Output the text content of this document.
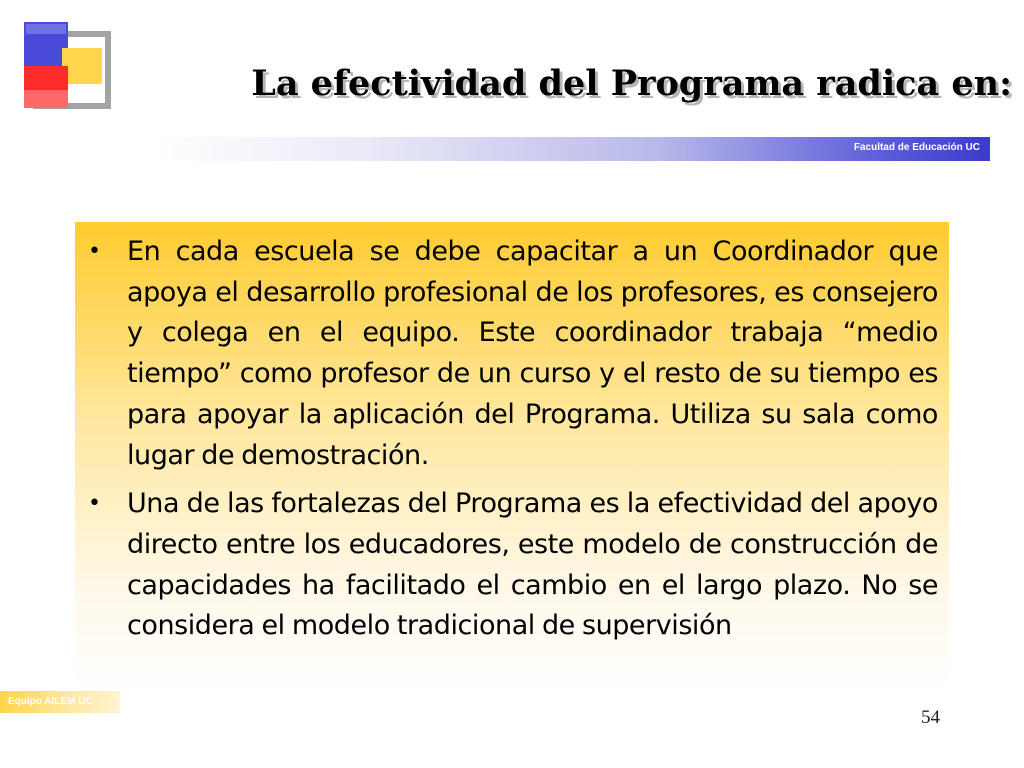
La efectividad del Programa radica en:
Facultad de Educación UC
• En cada escuela se debe capacitar a un Coordinador que apoya el desarrollo profesional de los profesores, es consejero y colega en el equipo. Este coordinador trabaja “medio tiempo” como profesor de un curso y el resto de su tiempo es para apoyar la aplicación del Programa. Utiliza su sala como lugar de demostración.
• Una de las fortalezas del Programa es la efectividad del apoyo directo entre los educadores, este modelo de construcción de capacidades ha facilitado el cambio en el largo plazo. No se considera el modelo tradicional de supervisión
Equipo AILEM UC
54
